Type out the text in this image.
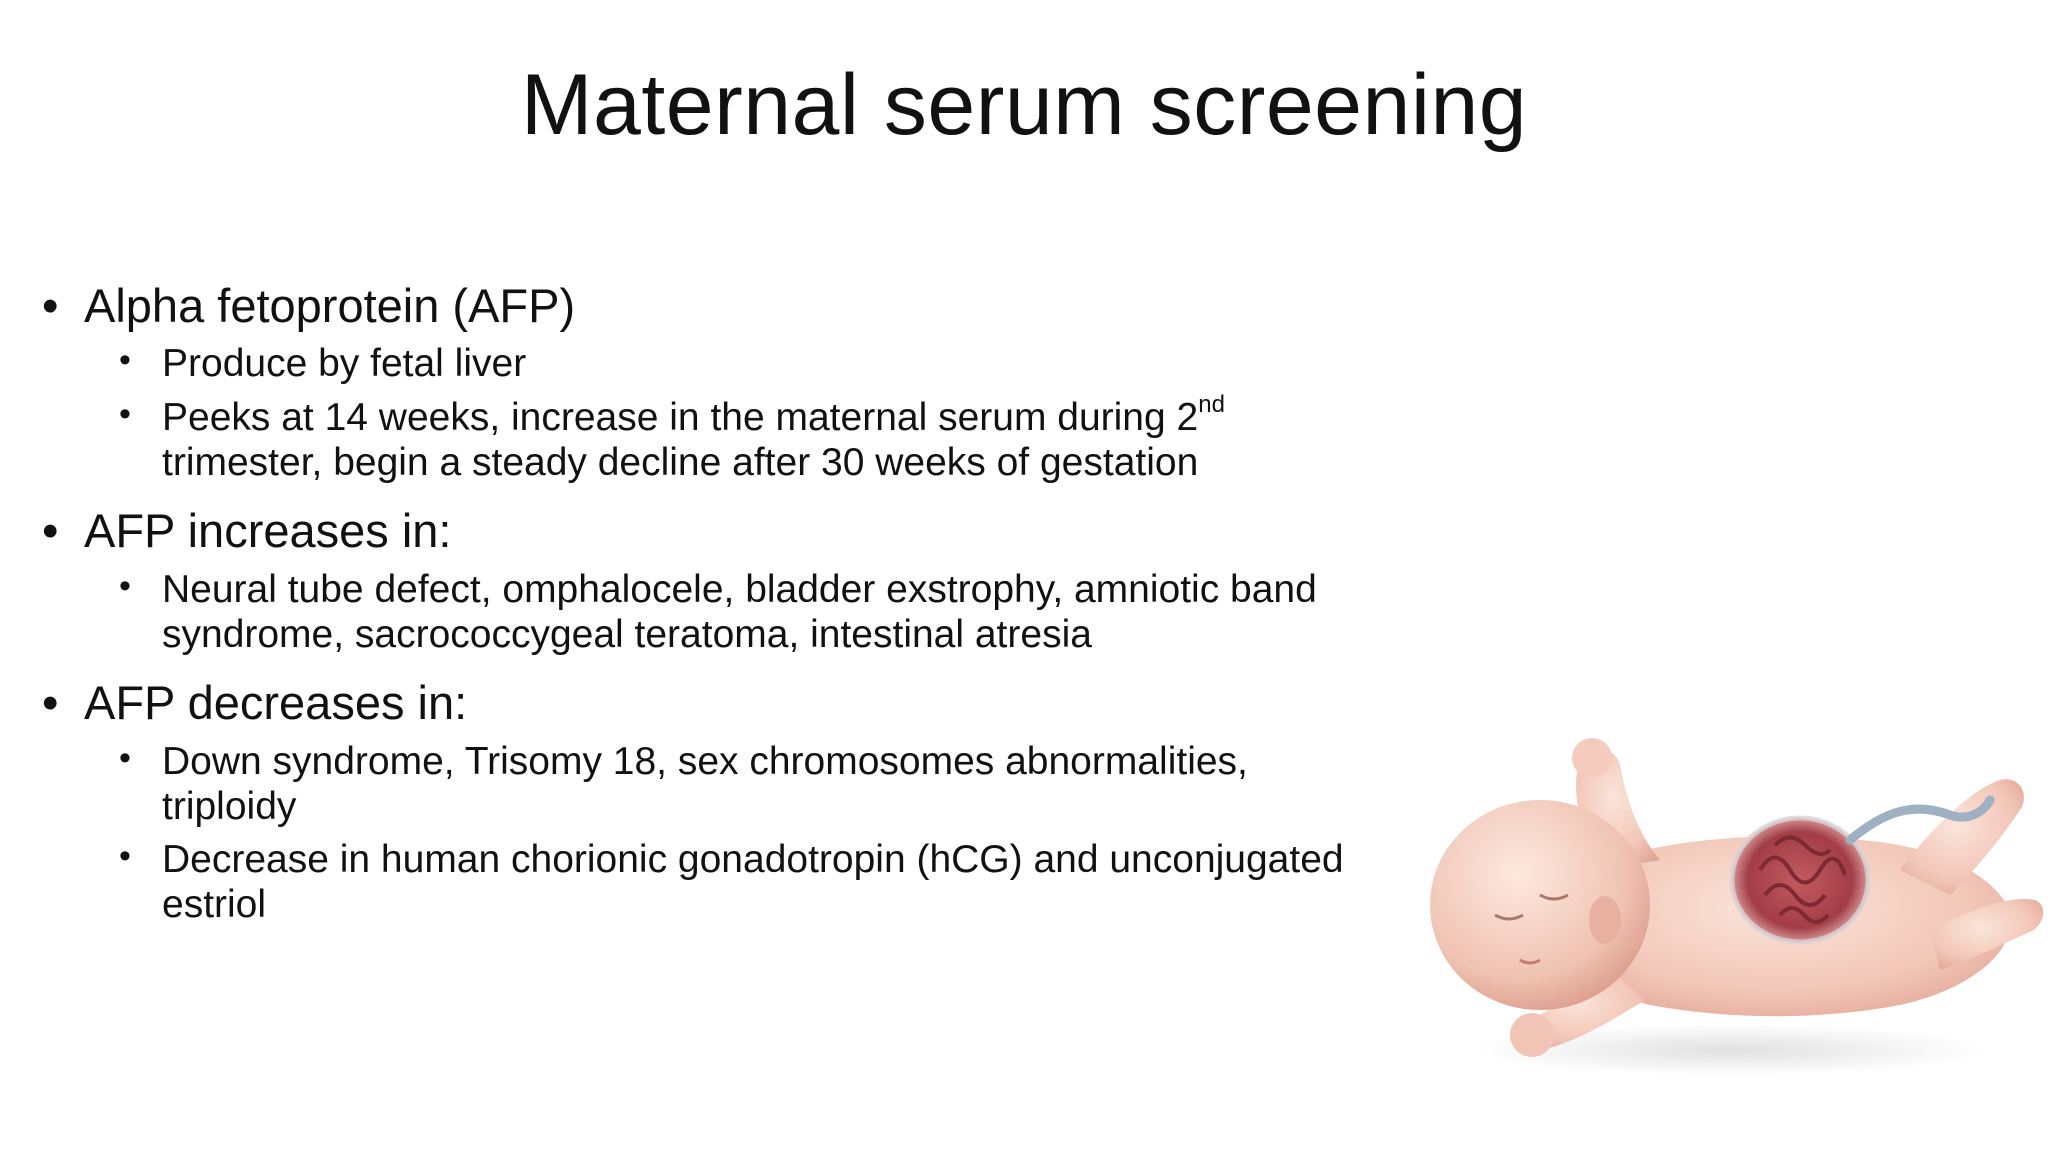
Maternal serum screening
• Alpha fetoprotein (AFP)
• Produce by fetal liver
• Peeks at 14 weeks, increase in the maternal serum during 2nd trimester, begin a steady decline after 30 weeks of gestation
• AFP increases in:
• Neural tube defect, omphalocele, bladder exstrophy, amniotic band syndrome, sacrococcygeal teratoma, intestinal atresia
• AFP decreases in:
• Down syndrome, Trisomy 18, sex chromosomes abnormalities, triploidy
• Decrease in human chorionic gonadotropin (hCG) and unconjugated estriol
